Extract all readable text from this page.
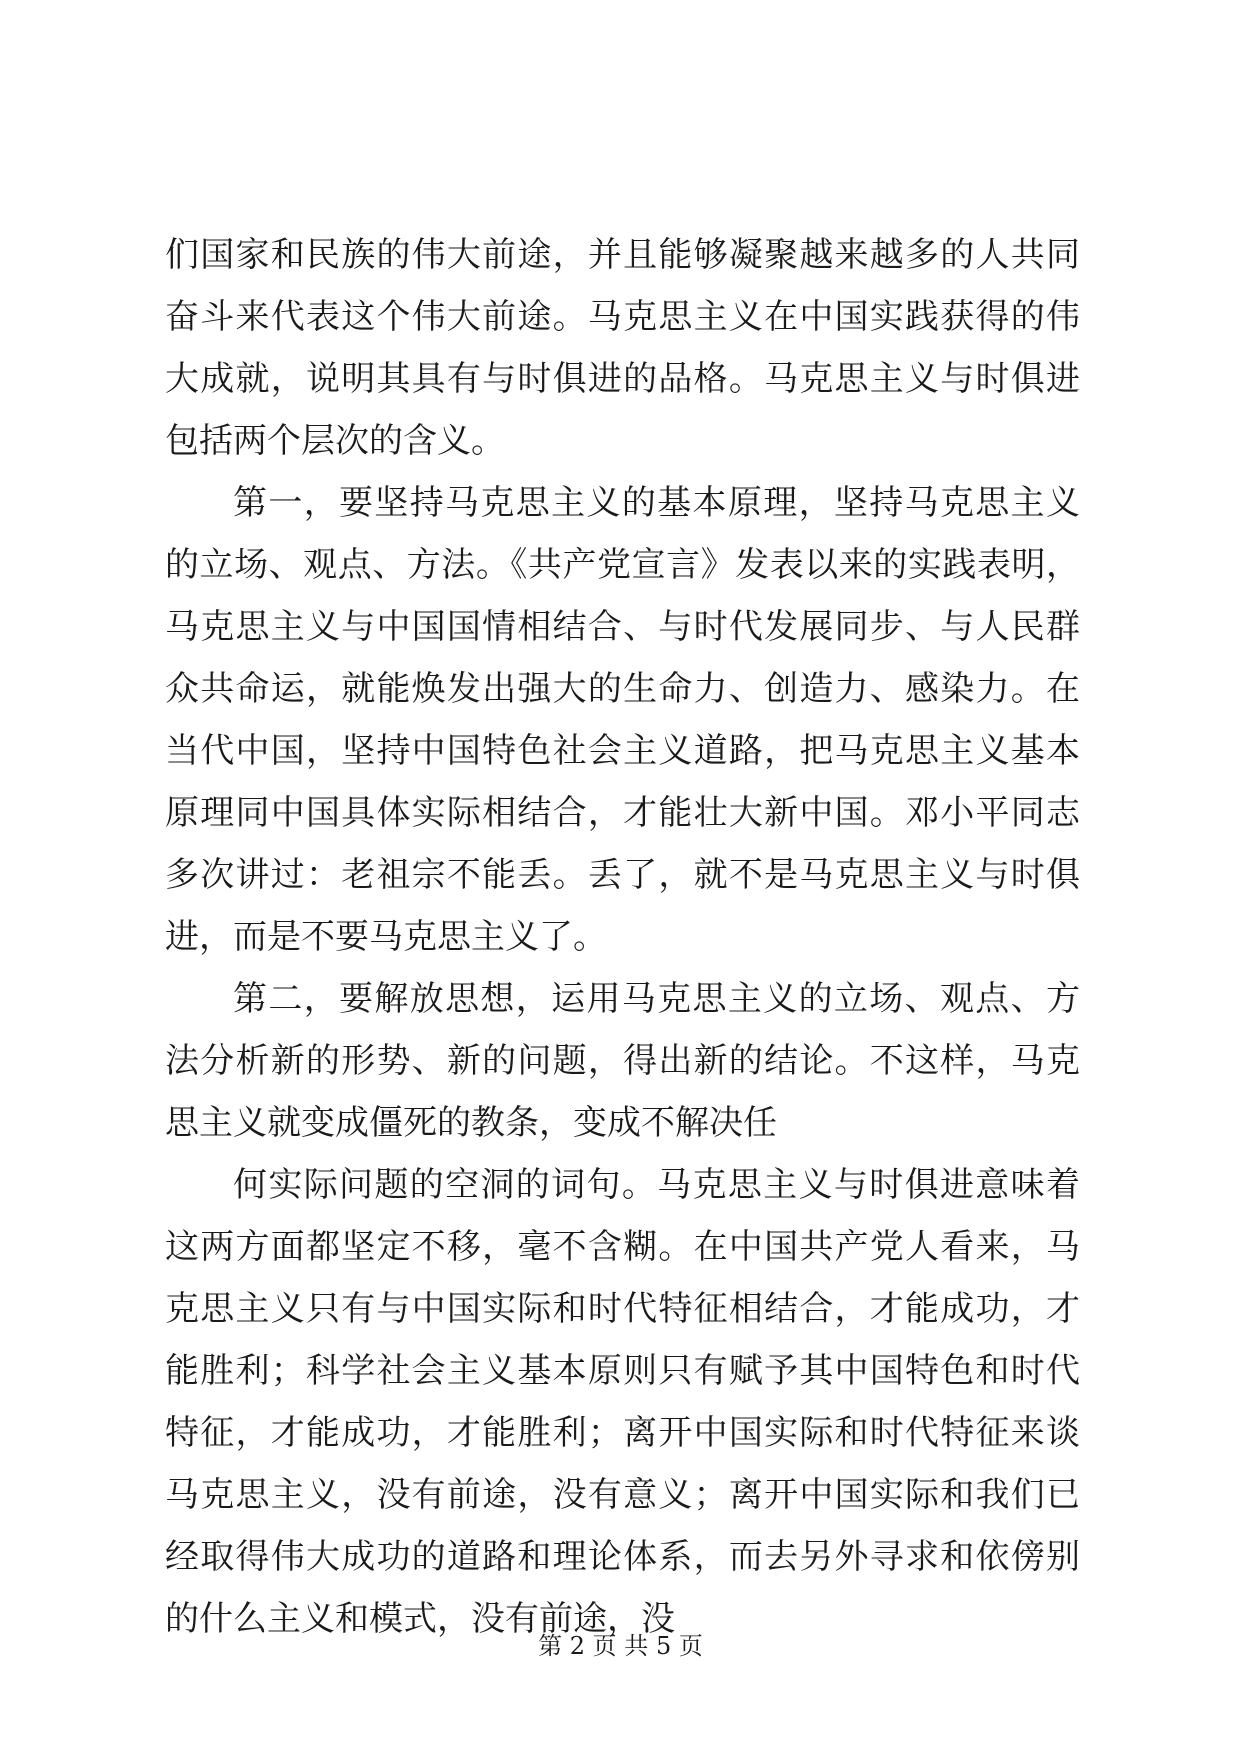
们国家和民族的伟大前途，并且能够凝聚越来越多的人共同奋斗来代表这个伟大前途。马克思主义在中国实践获得的伟大成就，说明其具有与时俱进的品格。马克思主义与时俱进包括两个层次的含义。

第一，要坚持马克思主义的基本原理，坚持马克思主义的立场、观点、方法。《共产党宣言》发表以来的实践表明，马克思主义与中国国情相结合、与时代发展同步、与人民群众共命运，就能焕发出强大的生命力、创造力、感染力。在当代中国，坚持中国特色社会主义道路，把马克思主义基本原理同中国具体实际相结合，才能壮大新中国。邓小平同志多次讲过：老祖宗不能丢。丢了，就不是马克思主义与时俱进，而是不要马克思主义了。

第二，要解放思想，运用马克思主义的立场、观点、方法分析新的形势、新的问题，得出新的结论。不这样，马克思主义就变成僵死的教条，变成不解决任

何实际问题的空洞的词句。马克思主义与时俱进意味着这两方面都坚定不移，毫不含糊。在中国共产党人看来，马克思主义只有与中国实际和时代特征相结合，才能成功，才能胜利；科学社会主义基本原则只有赋予其中国特色和时代特征，才能成功，才能胜利；离开中国实际和时代特征来谈马克思主义，没有前途，没有意义；离开中国实际和我们已经取得伟大成功的道路和理论体系，而去另外寻求和依傍别的什么主义和模式，没有前途，没

第 2 页 共 5 页
